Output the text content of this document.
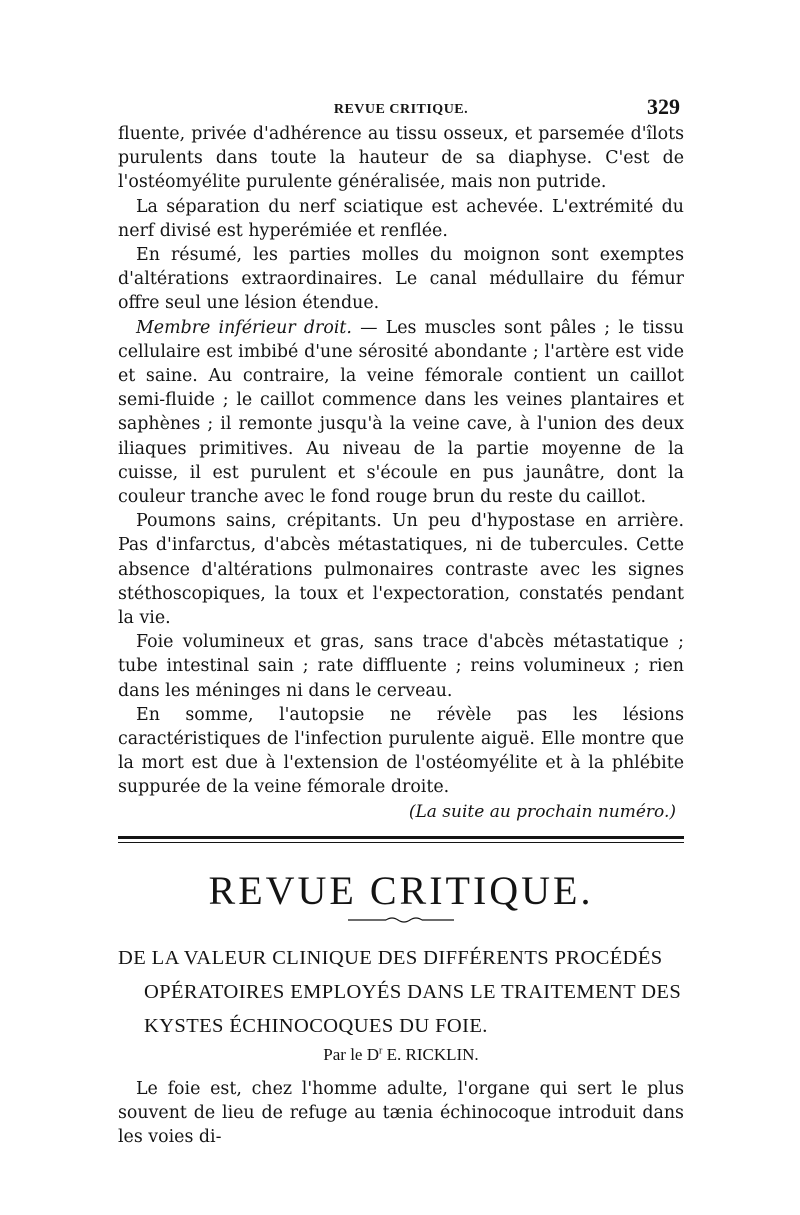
REVUE CRITIQUE.	329

fluente, privée d'adhérence au tissu osseux, et parsemée d'îlots purulents dans toute la hauteur de sa diaphyse. C'est de l'ostéomyélite purulente généralisée, mais non putride.

La séparation du nerf sciatique est achevée. L'extrémité du nerf divisé est hyperémiée et renflée.

En résumé, les parties molles du moignon sont exemptes d'altérations extraordinaires. Le canal médullaire du fémur offre seul une lésion étendue.

Membre inférieur droit. — Les muscles sont pâles ; le tissu cellulaire est imbibé d'une sérosité abondante ; l'artère est vide et saine. Au contraire, la veine fémorale contient un caillot semi-fluide ; le caillot commence dans les veines plantaires et saphènes ; il remonte jusqu'à la veine cave, à l'union des deux iliaques primitives. Au niveau de la partie moyenne de la cuisse, il est purulent et s'écoule en pus jaunâtre, dont la couleur tranche avec le fond rouge brun du reste du caillot.

Poumons sains, crépitants. Un peu d'hypostase en arrière. Pas d'infarctus, d'abcès métastatiques, ni de tubercules. Cette absence d'altérations pulmonaires contraste avec les signes stéthoscopiques, la toux et l'expectoration, constatés pendant la vie.

Foie volumineux et gras, sans trace d'abcès métastatique ; tube intestinal sain ; rate diffluente ; reins volumineux ; rien dans les méninges ni dans le cerveau.

En somme, l'autopsie ne révèle pas les lésions caractéristiques de l'infection purulente aiguë. Elle montre que la mort est due à l'extension de l'ostéomyélite et à la phlébite suppurée de la veine fémorale droite.

(La suite au prochain numéro.)

REVUE CRITIQUE.
DE LA VALEUR CLINIQUE DES DIFFÉRENTS PROCÉDÉS
OPÉRATOIRES EMPLOYÉS DANS LE TRAITEMENT DES
KYSTES ÉCHINOCOQUES DU FOIE.
Par le $D^r$ E. RICKLIN.

Le foie est, chez l'homme adulte, l'organe qui sert le plus souvent de lieu de refuge au tænia échinocoque introduit dans les voies di-
